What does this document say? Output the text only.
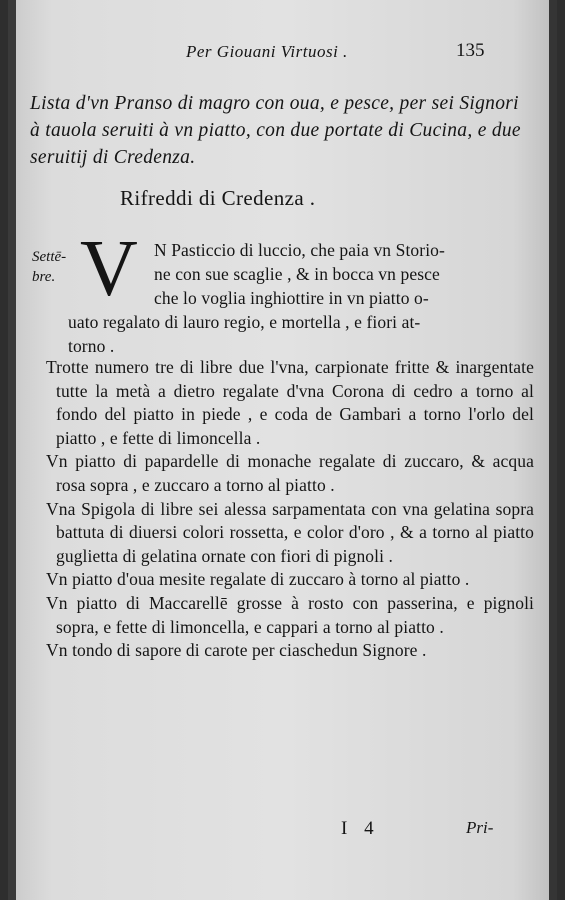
Per Giouani Virtuosi .	135
Lista d'vn Pranso di magro con oua, e pesce, per sei Signori à tauola seruiti à vn piatto, con due portate di Cucina, e due seruitij di Credenza.
Rifreddi di Credenza .
Settē- bre. V N Pasticcio di luccio, che paia vn Storio-
ne con sue scaglie , & in bocca vn pesce
che lo voglia inghiottire in vn piatto o-
uato regalato di lauro regio, e mortella , e fiori at-
torno .

Trotte numero tre di libre due l'vna, carpionate fritte & inargentate tutte la metà a dietro regalate d'vna Corona di cedro a torno al fondo del piatto in piede , e coda de Gambari a torno l'orlo del piatto , e fette di limoncella .

Vn piatto di papardelle di monache regalate di zuccaro, & acqua rosa sopra , e zuccaro a torno al piatto .

Vna Spigola di libre sei alessa sarpamentata con vna gelatina sopra battuta di diuersi colori rossetta, e color d'oro , & a torno al piatto guglietta di gelatina ornate con fiori di pignoli .

Vn piatto d'oua mesite regalate di zuccaro à torno al piatto .

Vn piatto di Maccarellē grosse à rosto con passerina, e pignoli sopra, e fette di limoncella, e cappari a torno al piatto .

Vn tondo di sapore di carote per ciaschedun Signore .

I 4	Pri-
